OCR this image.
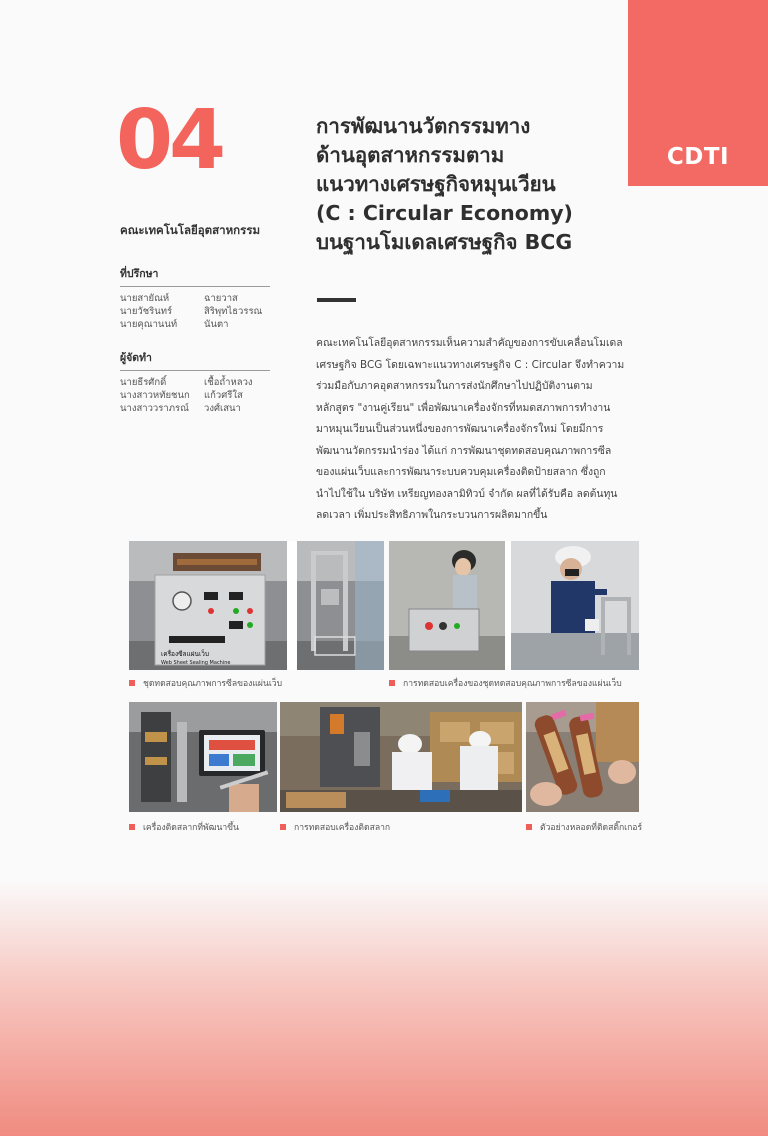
CDTI
04
คณะเทคโนโลยีอุตสาหกรรม
ที่ปรึกษา
นายสายัณห์	ฉายวาส
นายวัชรินทร์	สิริพุทไธวรรณ
นายคุณานนท์	นันตา
ผู้จัดทำ
นายธีรศักดิ์	เชื้อถ้ำหลวง
นางสาวหทัยชนก	แก้วศรีใส
นางสาววราภรณ์	วงศ์เสนา
การพัฒนานวัตกรรมทาง
ด้านอุตสาหกรรมตาม
แนวทางเศรษฐกิจหมุนเวียน
(C : Circular Economy)
บนฐานโมเดลเศรษฐกิจ BCG
คณะเทคโนโลยีอุตสาหกรรมเห็นความสำคัญของการขับเคลื่อนโมเดล
เศรษฐกิจ BCG โดยเฉพาะแนวทางเศรษฐกิจ C : Circular จึงทำความ
ร่วมมือกับภาคอุตสาหกรรมในการส่งนักศึกษาไปปฏิบัติงานตาม
หลักสูตร "งานคู่เรียน" เพื่อพัฒนาเครื่องจักรที่หมดสภาพการทำงาน
มาหมุนเวียนเป็นส่วนหนึ่งของการพัฒนาเครื่องจักรใหม่ โดยมีการ
พัฒนานวัตกรรมนำร่อง ได้แก่ การพัฒนาชุดทดสอบคุณภาพการซีล
ของแผ่นเว็บและการพัฒนาระบบควบคุมเครื่องติดป้ายสลาก ซึ่งถูก
นำไปใช้ใน บริษัท เหรียญทองลามิทิวบ์ จำกัด ผลที่ได้รับคือ ลดต้นทุน
ลดเวลา เพิ่มประสิทธิภาพในกระบวนการผลิตมากขึ้น
เครื่องซีลแผ่นเว็บ
Web Sheet Sealing Machine
ชุดทดสอบคุณภาพการซีลของแผ่นเว็บ	การทดสอบเครื่องของชุดทดสอบคุณภาพการซีลของแผ่นเว็บ
เครื่องติดสลากที่พัฒนาขึ้น	การทดสอบเครื่องติดสลาก	ตัวอย่างหลอดที่ติดสติ๊กเกอร์
